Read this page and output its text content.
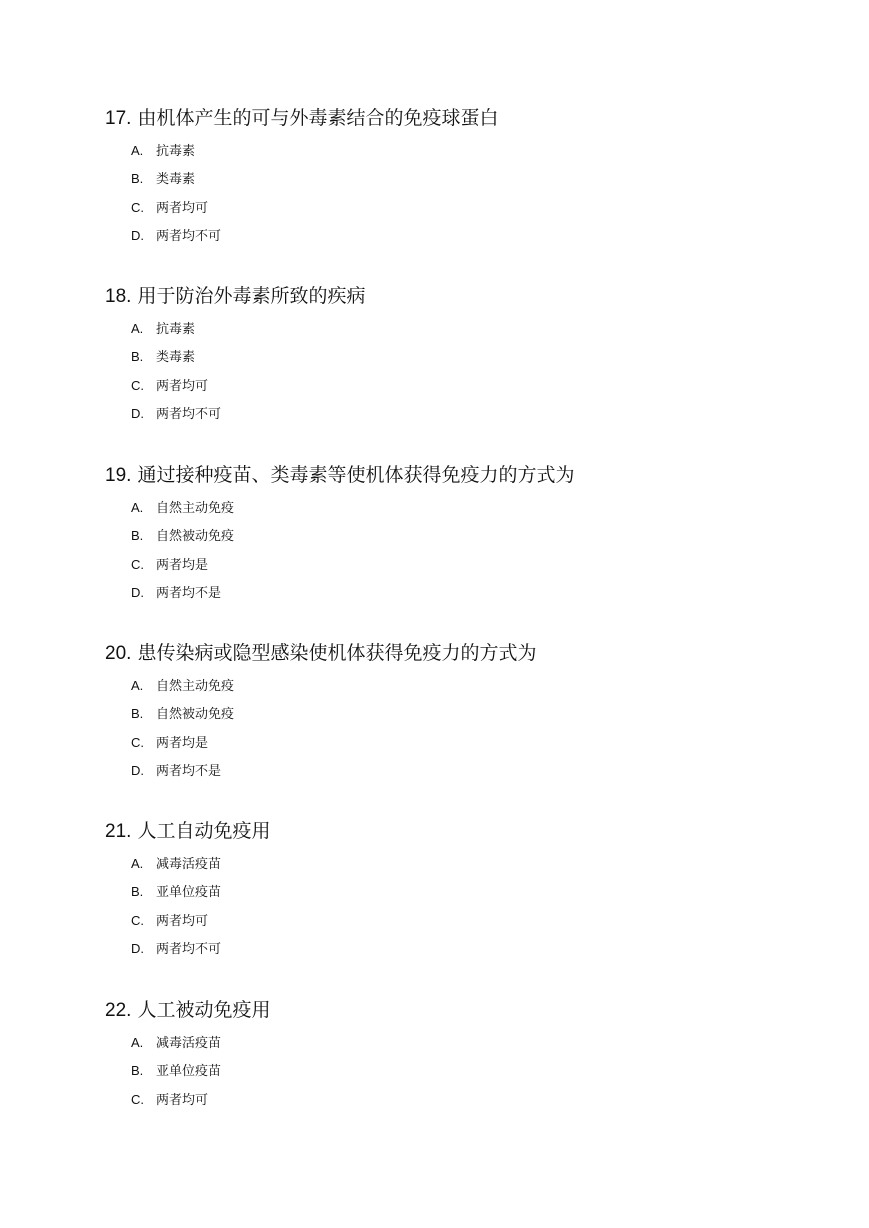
17. 由机体产生的可与外毒素结合的免疫球蛋白
A. 抗毒素
B. 类毒素
C. 两者均可
D. 两者均不可
18. 用于防治外毒素所致的疾病
A. 抗毒素
B. 类毒素
C. 两者均可
D. 两者均不可
19. 通过接种疫苗、类毒素等使机体获得免疫力的方式为
A. 自然主动免疫
B. 自然被动免疫
C. 两者均是
D. 两者均不是
20. 患传染病或隐型感染使机体获得免疫力的方式为
A. 自然主动免疫
B. 自然被动免疫
C. 两者均是
D. 两者均不是
21. 人工自动免疫用
A. 减毒活疫苗
B. 亚单位疫苗
C. 两者均可
D. 两者均不可
22. 人工被动免疫用
A. 减毒活疫苗
B. 亚单位疫苗
C. 两者均可
